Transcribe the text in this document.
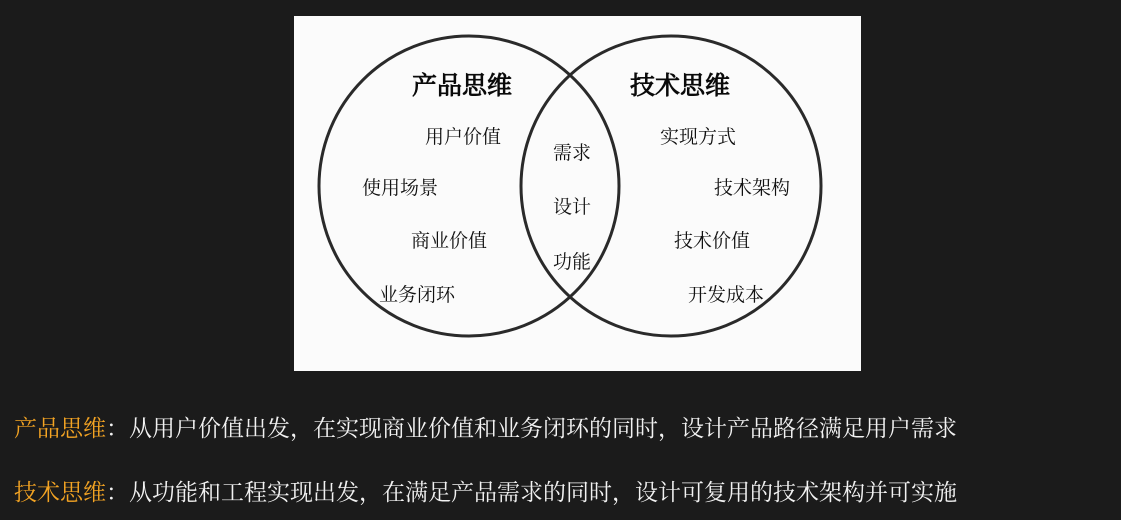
产品思维
用户价值
使用场景
商业价值
业务闭环
需求
设计
功能
技术思维
实现方式
技术架构
技术价值
开发成本
产品思维：从用户价值出发，在实现商业价值和业务闭环的同时，设计产品路径满足用户需求
技术思维：从功能和工程实现出发，在满足产品需求的同时，设计可复用的技术架构并可实施
